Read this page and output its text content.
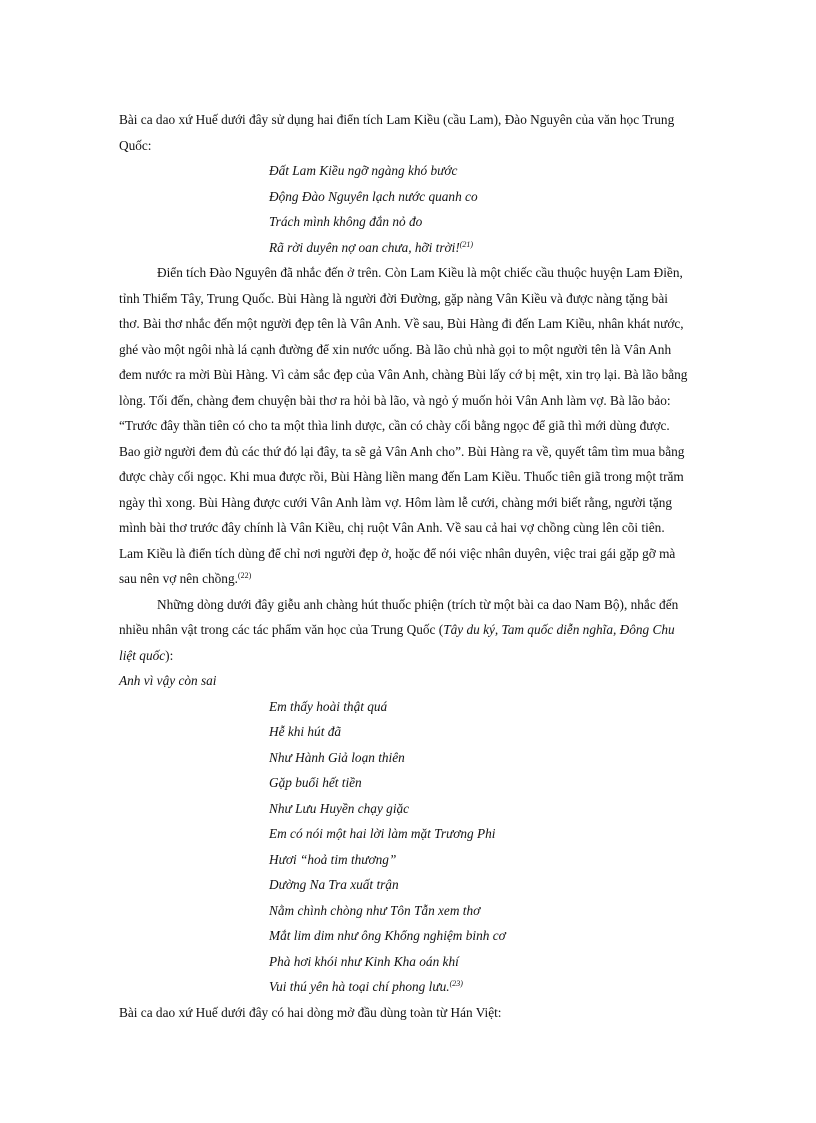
Bài ca dao xứ Huế dưới đây sử dụng hai điển tích Lam Kiều (cầu Lam), Đào Nguyên của văn học Trung
Quốc:
Đất Lam Kiều ngỡ ngàng khó bước
Động Đào Nguyên lạch nước quanh co
Trách mình không đắn nỏ đo
Rã rời duyên nợ oan chưa, hỡi trời!$^{(21)}$
Điển tích Đào Nguyên đã nhắc đến ở trên. Còn Lam Kiều là một chiếc cầu thuộc huyện Lam Điền,
tỉnh Thiểm Tây, Trung Quốc. Bùi Hàng là người đời Đường, gặp nàng Vân Kiều và được nàng tặng bài
thơ. Bài thơ nhắc đến một người đẹp tên là Vân Anh. Về sau, Bùi Hàng đi đến Lam Kiều, nhân khát nước,
ghé vào một ngôi nhà lá cạnh đường để xin nước uống. Bà lão chủ nhà gọi to một người tên là Vân Anh
đem nước ra mời Bùi Hàng. Vì cảm sắc đẹp của Vân Anh, chàng Bùi lấy cớ bị mệt, xin trọ lại. Bà lão bằng
lòng. Tối đến, chàng đem chuyện bài thơ ra hỏi bà lão, và ngỏ ý muốn hỏi Vân Anh làm vợ. Bà lão bảo:
“Trước đây thần tiên có cho ta một thìa linh dược, cần có chày cối bằng ngọc để giã thì mới dùng được.
Bao giờ người đem đủ các thứ đó lại đây, ta sẽ gả Vân Anh cho”. Bùi Hàng ra về, quyết tâm tìm mua bằng
được chày cối ngọc. Khi mua được rồi, Bùi Hàng liền mang đến Lam Kiều. Thuốc tiên giã trong một trăm
ngày thì xong. Bùi Hàng được cưới Vân Anh làm vợ. Hôm làm lễ cưới, chàng mới biết rằng, người tặng
mình bài thơ trước đây chính là Vân Kiều, chị ruột Vân Anh. Về sau cả hai vợ chồng cùng lên cõi tiên.
Lam Kiều là điển tích dùng để chỉ nơi người đẹp ở, hoặc để nói việc nhân duyên, việc trai gái gặp gỡ mà
sau nên vợ nên chồng.$^{(22)}$
Những dòng dưới đây giễu anh chàng hút thuốc phiện (trích từ một bài ca dao Nam Bộ), nhắc đến
nhiều nhân vật trong các tác phẩm văn học của Trung Quốc (Tây du ký, Tam quốc diễn nghĩa, Đông Chu
liệt quốc):
Anh vì vậy còn sai
Em thấy hoài thật quá
Hễ khi hút đã
Như Hành Giả loạn thiên
Gặp buổi hết tiền
Như Lưu Huyền chạy giặc
Em có nói một hai lời làm mặt Trương Phi
Hươi “hoả tim thương”
Dường Na Tra xuất trận
Nằm chình chòng như Tôn Tẫn xem thơ
Mắt lim dim như ông Khổng nghiệm binh cơ
Phà hơi khói như Kinh Kha oán khí
Vui thú yên hà toại chí phong lưu.$^{(23)}$
Bài ca dao xứ Huế dưới đây có hai dòng mở đầu dùng toàn từ Hán Việt:
